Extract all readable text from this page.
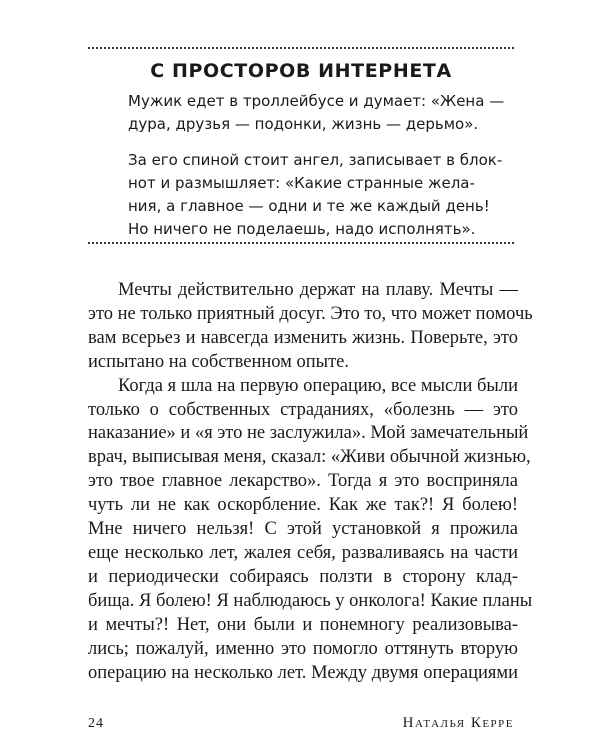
С ПРОСТОРОВ ИНТЕРНЕТА
Мужик едет в троллейбусе и думает: «Жена —
дура, друзья — подонки, жизнь — дерьмо».
За его спиной стоит ангел, записывает в блок-
нот и размышляет: «Какие странные жела-
ния, а главное — одни и те же каждый день!
Но ничего не поделаешь, надо исполнять».
Мечты действительно держат на плаву. Мечты —
это не только приятный досуг. Это то, что может помочь
вам всерьез и навсегда изменить жизнь. Поверьте, это
испытано на собственном опыте.
Когда я шла на первую операцию, все мысли были
только о собственных страданиях, «болезнь — это
наказание» и «я это не заслужила». Мой замечательный
врач, выписывая меня, сказал: «Живи обычной жизнью,
это твое главное лекарство». Тогда я это восприняла
чуть ли не как оскорбление. Как же так?! Я болею!
Мне ничего нельзя! С этой установкой я прожила
еще несколько лет, жалея себя, разваливаясь на части
и периодически собираясь ползти в сторону клад-
бища. Я болею! Я наблюдаюсь у онколога! Какие планы
и мечты?! Нет, они были и понемногу реализовыва-
лись; пожалуй, именно это помогло оттянуть вторую
операцию на несколько лет. Между двумя операциями
24	Наталья Керре
